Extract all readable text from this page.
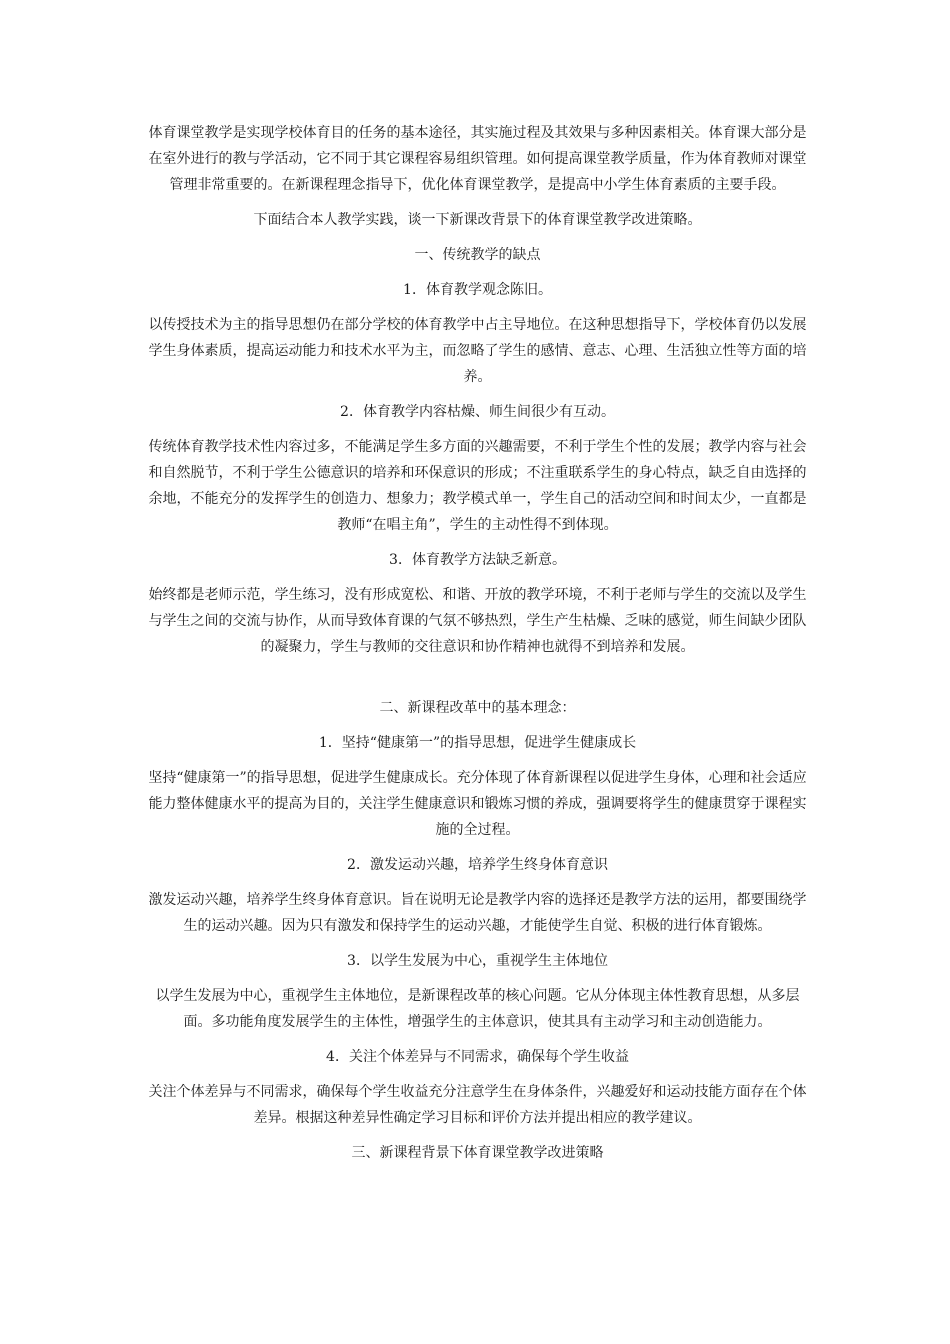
体育课堂教学是实现学校体育目的任务的基本途径，其实施过程及其效果与多种因素相关。体育课大部分是在室外进行的教与学活动，它不同于其它课程容易组织管理。如何提高课堂教学质量，作为体育教师对课堂管理非常重要的。在新课程理念指导下，优化体育课堂教学，是提高中小学生体育素质的主要手段。

下面结合本人教学实践，谈一下新课改背景下的体育课堂教学改进策略。

一、传统教学的缺点

1．体育教学观念陈旧。

以传授技术为主的指导思想仍在部分学校的体育教学中占主导地位。在这种思想指导下，学校体育仍以发展学生身体素质，提高运动能力和技术水平为主，而忽略了学生的感情、意志、心理、生活独立性等方面的培养。

2．体育教学内容枯燥、师生间很少有互动。

传统体育教学技术性内容过多，不能满足学生多方面的兴趣需要，不利于学生个性的发展；教学内容与社会和自然脱节，不利于学生公德意识的培养和环保意识的形成；不注重联系学生的身心特点，缺乏自由选择的余地，不能充分的发挥学生的创造力、想象力；教学模式单一，学生自己的活动空间和时间太少，一直都是教师“在唱主角”，学生的主动性得不到体现。

3．体育教学方法缺乏新意。

始终都是老师示范，学生练习，没有形成宽松、和谐、开放的教学环境，不利于老师与学生的交流以及学生与学生之间的交流与协作，从而导致体育课的气氛不够热烈，学生产生枯燥、乏味的感觉，师生间缺少团队的凝聚力，学生与教师的交往意识和协作精神也就得不到培养和发展。

二、新课程改革中的基本理念：

1．坚持“健康第一”的指导思想，促进学生健康成长

坚持“健康第一”的指导思想，促进学生健康成长。充分体现了体育新课程以促进学生身体，心理和社会适应能力整体健康水平的提高为目的，关注学生健康意识和锻炼习惯的养成，强调要将学生的健康贯穿于课程实施的全过程。

2．激发运动兴趣，培养学生终身体育意识

激发运动兴趣，培养学生终身体育意识。旨在说明无论是教学内容的选择还是教学方法的运用，都要围绕学生的运动兴趣。因为只有激发和保持学生的运动兴趣，才能使学生自觉、积极的进行体育锻炼。

3．以学生发展为中心，重视学生主体地位

以学生发展为中心，重视学生主体地位，是新课程改革的核心问题。它从分体现主体性教育思想，从多层面。多功能角度发展学生的主体性，增强学生的主体意识，使其具有主动学习和主动创造能力。

4．关注个体差异与不同需求，确保每个学生收益

关注个体差异与不同需求，确保每个学生收益充分注意学生在身体条件，兴趣爱好和运动技能方面存在个体差异。根据这种差异性确定学习目标和评价方法并提出相应的教学建议。

三、新课程背景下体育课堂教学改进策略
